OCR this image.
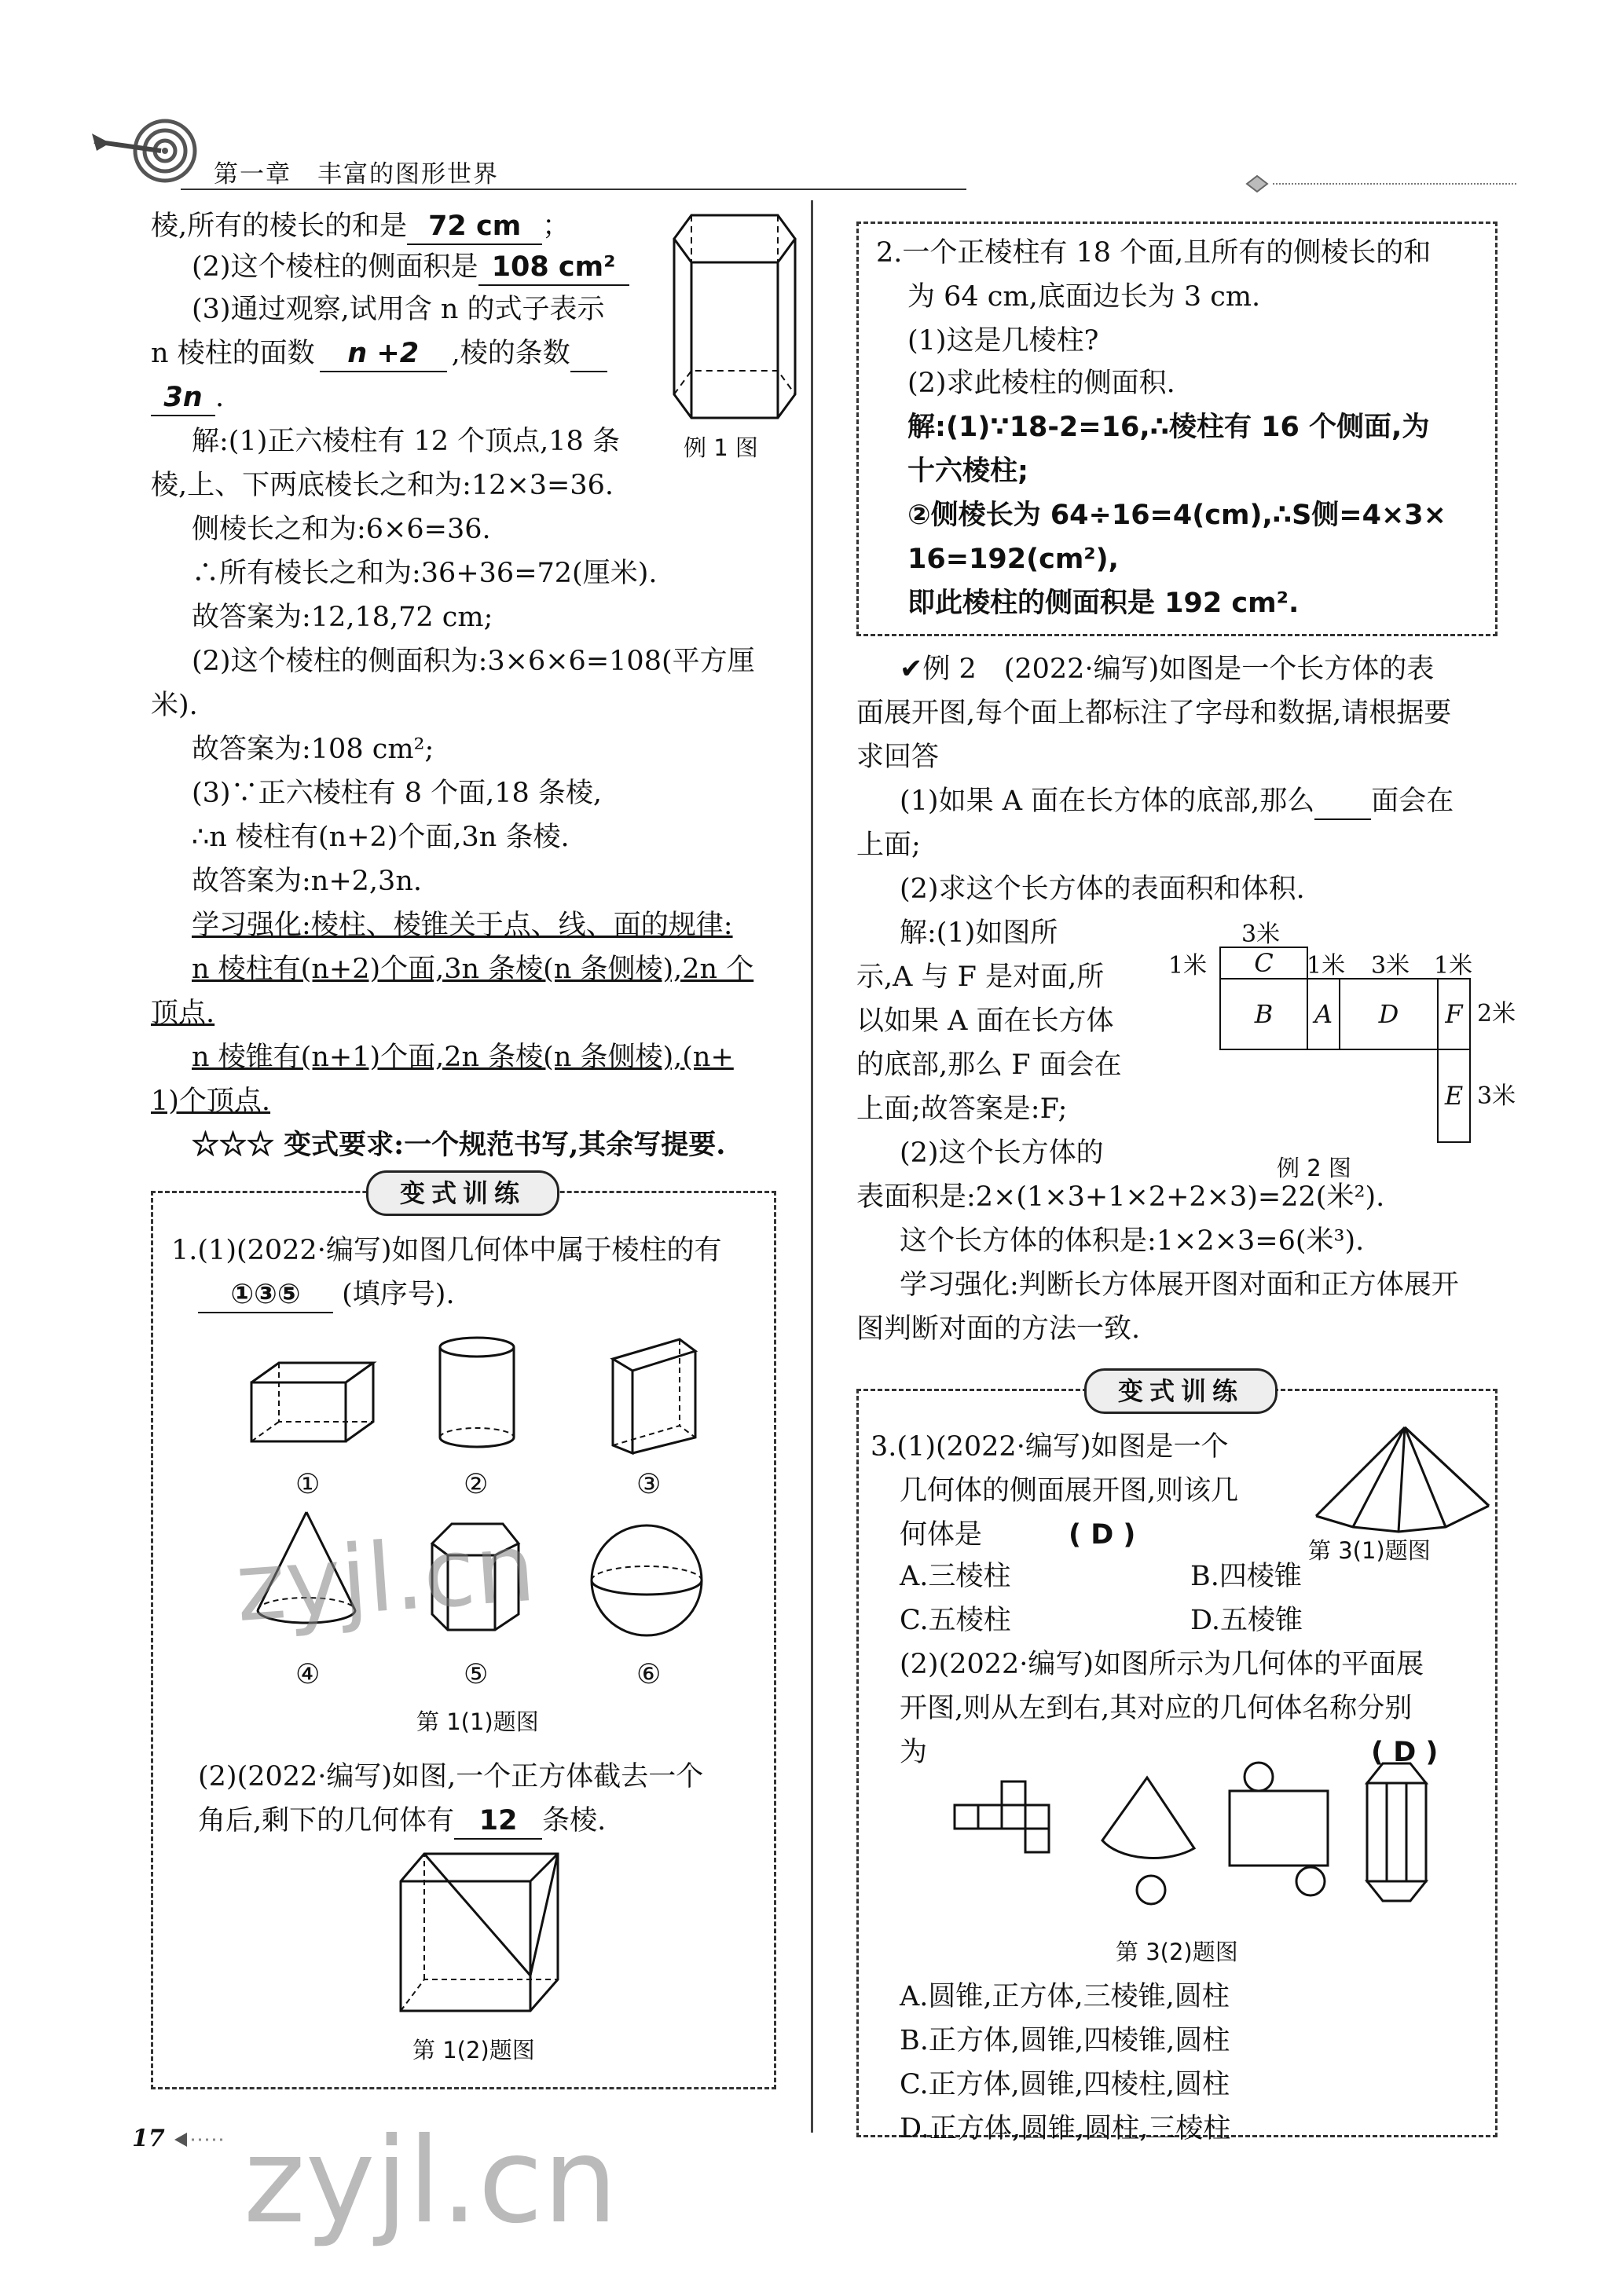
第一章　丰富的图形世界
棱,所有的棱长的和是 72 cm ；
(2)这个棱柱的侧面积是 108 cm²
(3)通过观察,试用含 n 的式子表示
n 棱柱的面数 n +2 ,棱的条数 
3n .
例 1 图
解:(1)正六棱柱有 12 个顶点,18 条
棱,上、下两底棱长之和为:12×3=36.
侧棱长之和为:6×6=36.
∴所有棱长之和为:36+36=72(厘米).
故答案为:12,18,72 cm;
(2)这个棱柱的侧面积为:3×6×6=108(平方厘
米).
故答案为:108 cm²;
(3)∵正六棱柱有 8 个面,18 条棱,
∴n 棱柱有(n+2)个面,3n 条棱.
故答案为:n+2,3n.
学习强化:棱柱、棱锥关于点、线、面的规律:
n 棱柱有(n+2)个面,3n 条棱(n 条侧棱),2n 个
顶点.
n 棱锥有(n+1)个面,2n 条棱(n 条侧棱),(n+
1)个顶点.
☆☆☆ 变式要求:一个规范书写,其余写提要.
变式训练
1.(1)(2022·编写)如图几何体中属于棱柱的有
①③⑤ (填序号).
①	②	③
④	⑤	⑥
第 1(1)题图
(2)(2022·编写)如图,一个正方体截去一个
角后,剩下的几何体有 12 条棱.
第 1(2)题图
17
2.一个正棱柱有 18 个面,且所有的侧棱长的和
为 64 cm,底面边长为 3 cm.
(1)这是几棱柱?
(2)求此棱柱的侧面积.
解:(1)∵18-2=16,∴棱柱有 16 个侧面,为
十六棱柱;
②侧棱长为 64÷16=4(cm),∴S侧=4×3×
16=192(cm²),
即此棱柱的侧面积是 192 cm².
✔例 2　(2022·编写)如图是一个长方体的表
面展开图,每个面上都标注了字母和数据,请根据要
求回答
(1)如果 A 面在长方体的底部,那么  面会在
上面;
(2)求这个长方体的表面积和体积.
解:(1)如图所
示,A 与 F 是对面,所
以如果 A 面在长方体
的底部,那么 F 面会在
上面;故答案是:F;
(2)这个长方体的
表面积是:2×(1×3+1×2+2×3)=22(米²).
这个长方体的体积是:1×2×3=6(米³).
学习强化:判断长方体展开图对面和正方体展开
图判断对面的方法一致.
3米
1米	1米 3米 1米
2米
3米
C
B	A	D	F
E
例 2 图
变式训练
3.(1)(2022·编写)如图是一个
几何体的侧面展开图,则该几
何体是	( D )	第 3(1)题图
A.三棱柱	B.四棱锥
C.五棱柱	D.五棱锥
(2)(2022·编写)如图所示为几何体的平面展
开图,则从左到右,其对应的几何体名称分别
为	( D )
第 3(2)题图
A.圆锥,正方体,三棱锥,圆柱
B.正方体,圆锥,四棱锥,圆柱
C.正方体,圆锥,四棱柱,圆柱
D.正方体,圆锥,圆柱,三棱柱
zyjl.cn
zyjl.cn
